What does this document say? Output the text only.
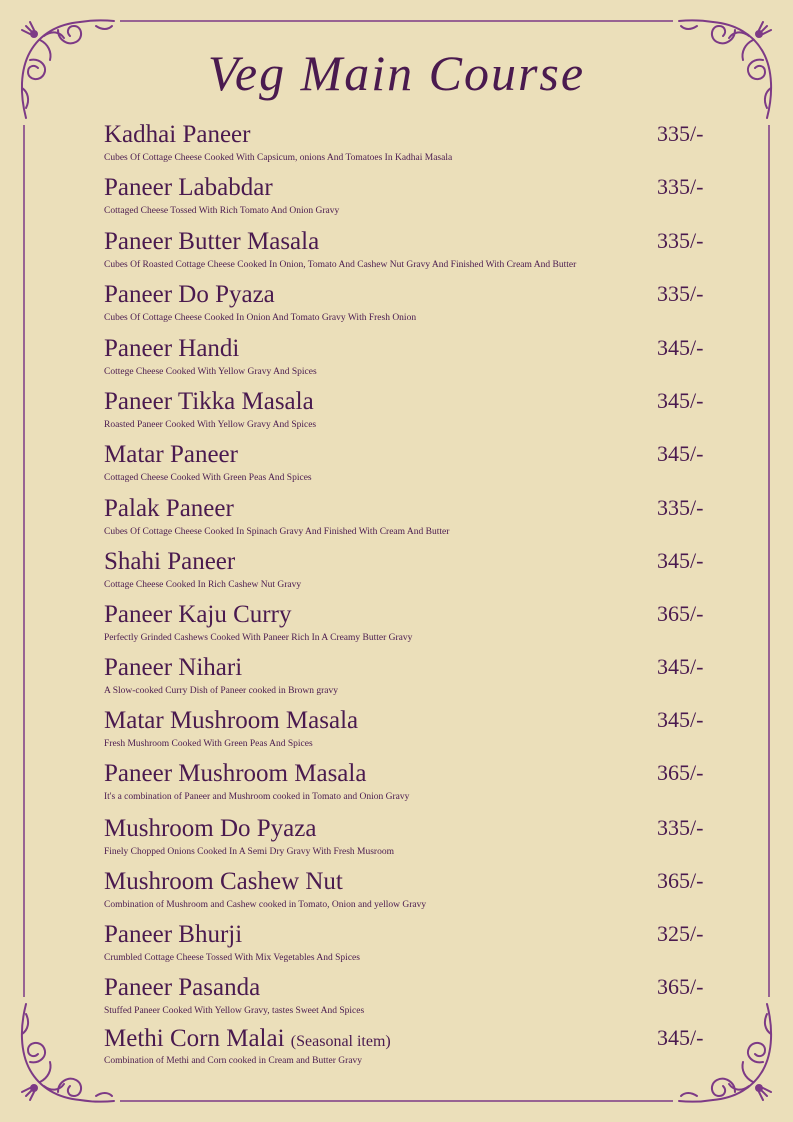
Veg Main Course
Kadhai Paneer
Cubes Of Cottage Cheese Cooked With Capsicum, onions And Tomatoes In Kadhai Masala
335/-
Paneer Lababdar
Cottaged Cheese Tossed With Rich Tomato And Onion Gravy
335/-
Paneer Butter Masala
Cubes Of Roasted Cottage Cheese Cooked In Onion, Tomato And Cashew Nut Gravy And Finished With Cream And Butter
335/-
Paneer Do Pyaza
Cubes Of Cottage Cheese Cooked In Onion And Tomato Gravy With Fresh Onion
335/-
Paneer Handi
Cottege Cheese Cooked With Yellow Gravy And Spices
345/-
Paneer Tikka Masala
Roasted Paneer Cooked With Yellow Gravy And Spices
345/-
Matar Paneer
Cottaged Cheese Cooked With Green Peas And Spices
345/-
Palak Paneer
Cubes Of Cottage Cheese Cooked In Spinach Gravy And Finished With Cream And Butter
335/-
Shahi Paneer
Cottage Cheese Cooked In Rich Cashew Nut Gravy
345/-
Paneer Kaju Curry
Perfectly Grinded Cashews Cooked With Paneer Rich In A Creamy Butter Gravy
365/-
Paneer Nihari
A Slow-cooked Curry Dish of Paneer cooked in Brown gravy
345/-
Matar Mushroom Masala
Fresh Mushroom Cooked With Green Peas And Spices
345/-
Paneer Mushroom Masala
It's a combination of Paneer and Mushroom cooked in Tomato and Onion Gravy
365/-
Mushroom Do Pyaza
Finely Chopped Onions Cooked In A Semi Dry Gravy With Fresh Musroom
335/-
Mushroom Cashew Nut
Combination of Mushroom and Cashew cooked in Tomato, Onion and yellow Gravy
365/-
Paneer Bhurji
Crumbled Cottage Cheese Tossed With Mix Vegetables And Spices
325/-
Paneer Pasanda
Stuffed Paneer Cooked With Yellow Gravy, tastes Sweet And Spices
365/-
Methi Corn Malai (Seasonal item)
Combination of Methi and Corn cooked in Cream and Butter Gravy
345/-
